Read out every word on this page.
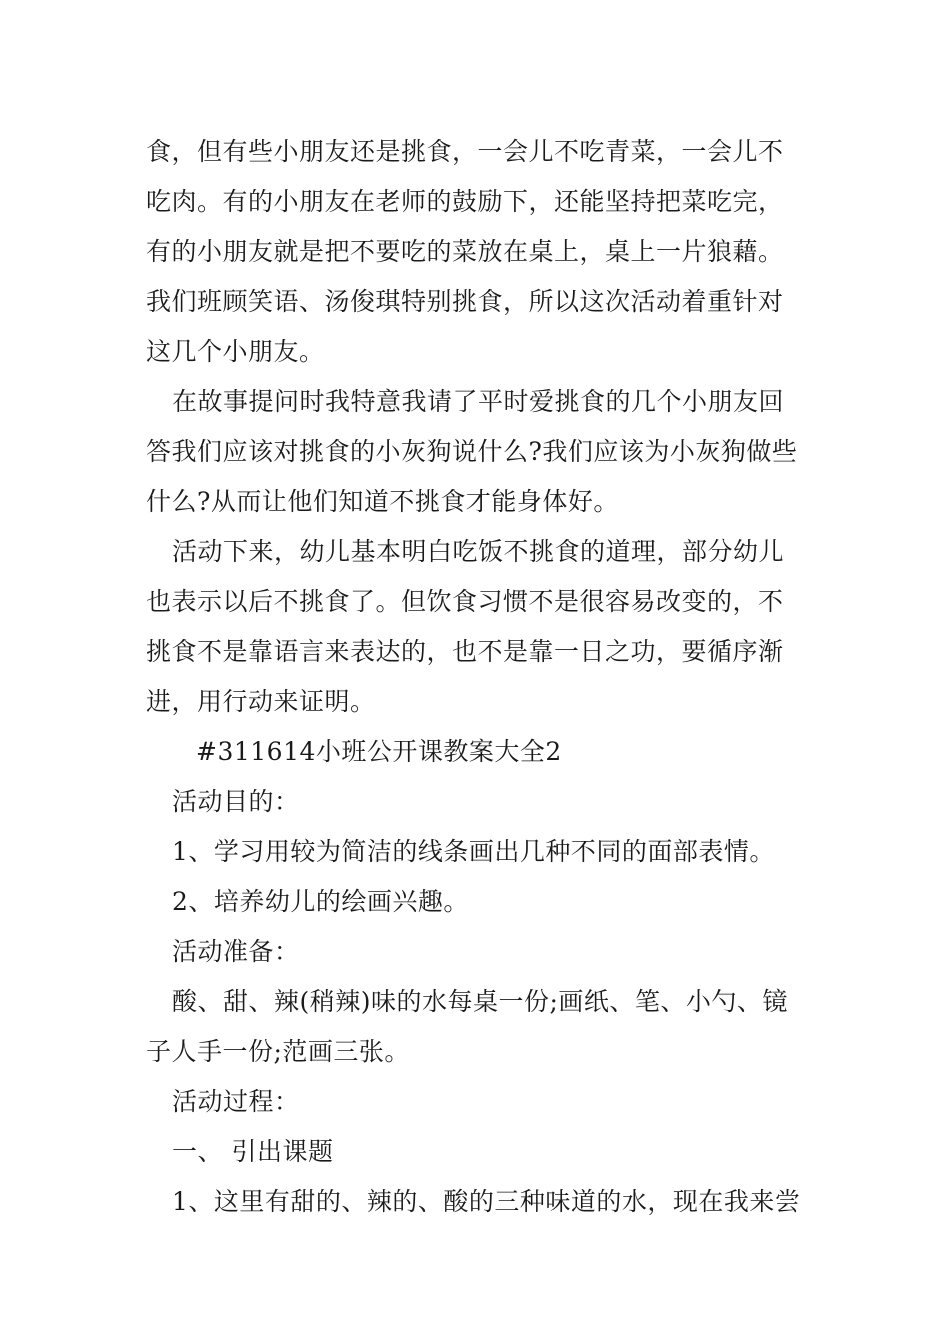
食，但有些小朋友还是挑食，一会儿不吃青菜，一会儿不
吃肉。有的小朋友在老师的鼓励下，还能坚持把菜吃完，
有的小朋友就是把不要吃的菜放在桌上，桌上一片狼藉。
我们班顾笑语、汤俊琪特别挑食，所以这次活动着重针对
这几个小朋友。
在故事提问时我特意我请了平时爱挑食的几个小朋友回
答我们应该对挑食的小灰狗说什么?我们应该为小灰狗做些
什么?从而让他们知道不挑食才能身体好。
活动下来，幼儿基本明白吃饭不挑食的道理，部分幼儿
也表示以后不挑食了。但饮食习惯不是很容易改变的，不
挑食不是靠语言来表达的，也不是靠一日之功，要循序渐
进，用行动来证明。
#311614小班公开课教案大全2
活动目的：
1、学习用较为简洁的线条画出几种不同的面部表情。
2、培养幼儿的绘画兴趣。
活动准备：
酸、甜、辣(稍辣)味的水每桌一份;画纸、笔、小勺、镜
子人手一份;范画三张。
活动过程：
一、 引出课题
1、这里有甜的、辣的、酸的三种味道的水，现在我来尝
